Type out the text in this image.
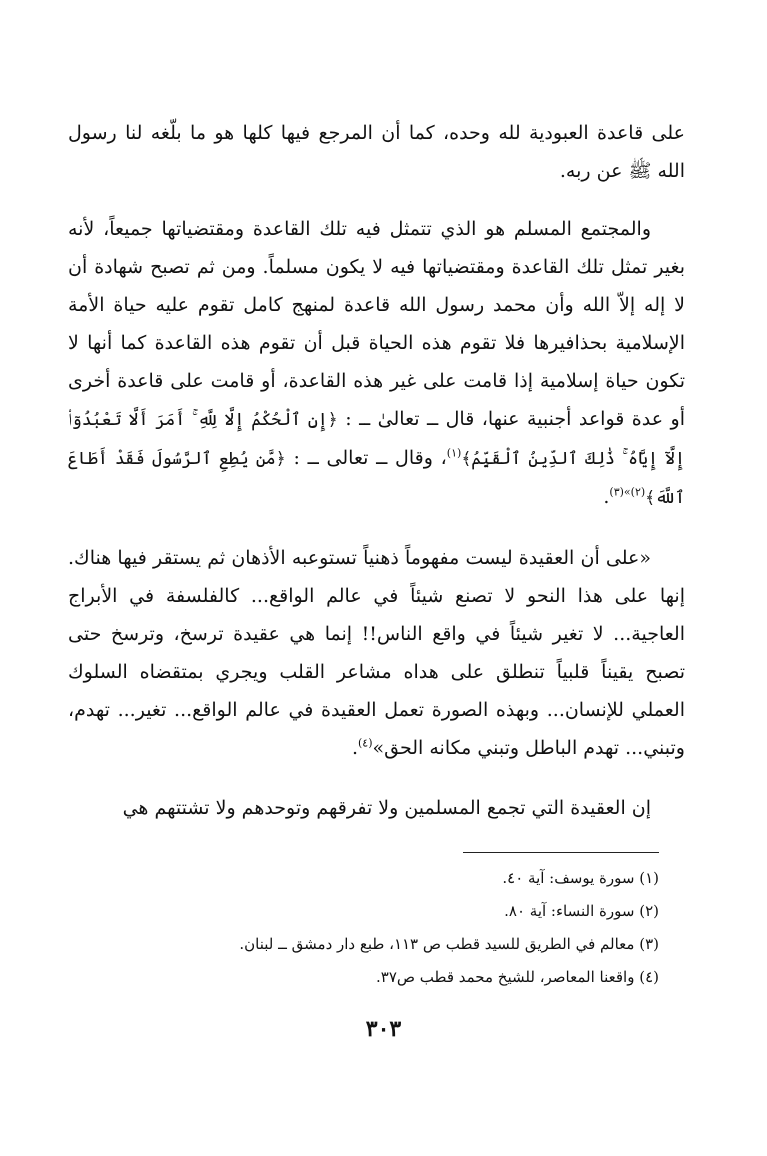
على قاعدة العبودية لله وحده، كما أن المرجع فيها كلها هو ما بلّغه لنا رسول الله ﷺ عن ربه.

والمجتمع المسلم هو الذي تتمثل فيه تلك القاعدة ومقتضياتها جميعاً، لأنه بغير تمثل تلك القاعدة ومقتضياتها فيه لا يكون مسلماً. ومن ثم تصبح شهادة أن لا إله إلاّ الله وأن محمد رسول الله قاعدة لمنهج كامل تقوم عليه حياة الأمة الإسلامية بحذافيرها فلا تقوم هذه الحياة قبل أن تقوم هذه القاعدة كما أنها لا تكون حياة إسلامية إذا قامت على غير هذه القاعدة، أو قامت على قاعدة أخرى أو عدة قواعد أجنبية عنها، قال ــ تعالىٰ ــ : ﴿إِنِ ٱلْحُكْمُ إِلَّا لِلَّهِ ۚ أَمَرَ أَلَّا تَعْبُدُوٓا۟ إِلَّآ إِيَّاهُ ۚ ذَٰلِكَ ٱلدِّينُ ٱلْقَيِّمُ﴾$^{(١)}$، وقال ــ تعالى ــ : ﴿مَّن يُطِعِ ٱلرَّسُولَ فَقَدْ أَطَاعَ ٱللَّهَ﴾$^{(٢)»(٣)}$.

«على أن العقيدة ليست مفهوماً ذهنياً تستوعبه الأذهان ثم يستقر فيها هناك. إنها على هذا النحو لا تصنع شيئاً في عالم الواقع... كالفلسفة في الأبراج العاجية... لا تغير شيئاً في واقع الناس!! إنما هي عقيدة ترسخ، وترسخ حتى تصبح يقيناً قلبياً تنطلق على هداه مشاعر القلب ويجري بمتقضاه السلوك العملي للإنسان... وبهذه الصورة تعمل العقيدة في عالم الواقع... تغير... تهدم، وتبني... تهدم الباطل وتبني مكانه الحق»$^{(٤)}$.

إن العقيدة التي تجمع المسلمين ولا تفرقهم وتوحدهم ولا تشتتهم هي

(١) سورة يوسف: آية ٤٠.

(٢) سورة النساء: آية ٨٠.

(٣) معالم في الطريق للسيد قطب ص ١١٣، طبع دار دمشق ــ لبنان.

(٤) واقعنا المعاصر، للشيخ محمد قطب ص٣٧.

٣٠٣
